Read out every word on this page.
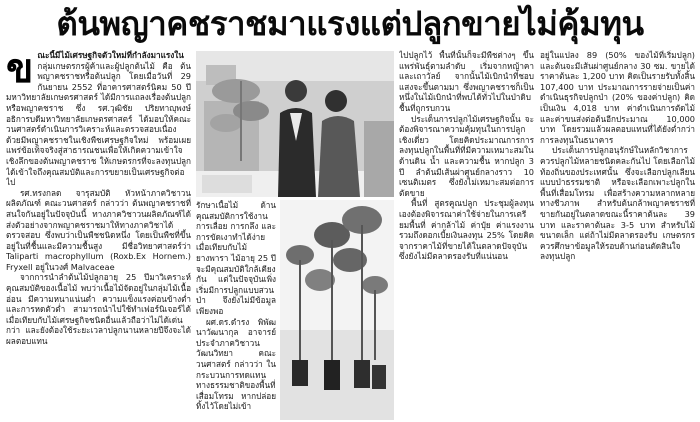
ต้นพญาคชราชมาแรงแต่ปลูกขายไม่คุ้มทุน
ข ณะนี้มีไม้เศรษฐกิจตัวใหม่ที่กำลังมาแรงใน กลุ่มเกษตรกรผู้ค้าและผู้ปลูกต้นไม้ คือ ต้นพญาคชราชหรือต้นปลูก โดยเมื่อวันที่ 29 กันยายน 2552 ที่อาคารศาสตร์นิคม 50 ปี มหาวิทยาลัยเกษตรศาสตร์ ได้มีการแถลงเรื่องต้นปลูกหรือพญาคชราช ซึ่ง รศ.วุฒิชัย ปริยทาญุพงษ์ อธิการบดีมหาวิทยาลัยเกษตรศาสตร์ ได้มอบให้คณะวนศาสตร์ดำเนินการวิเคราะห์และตรวจสอบเนื่องด้วยมีพญาคชราชในเชิงพืชเศรษฐกิจใหม่ พร้อมเผยแพร่ข้อเท็จจริงสู่สาธารณชนเพื่อให้เกิดความเข้าใจเชิงลึกของต้นพญาคชราช ให้เกษตรกรที่จะลงทุนปลูกได้เข้าใจถึงคุณสมบัติและการขยายเป็นเศรษฐกิจต่อไป
รศ.ทรงกลด จารุสมบัติ หัวหน้าภาควิชาวนผลิตภัณฑ์ คณะวนศาสตร์ กล่าวว่า ต้นพญาคชราชที่สนใจกันอยู่ในปัจจุบันนี้ ทางภาควิชาวนผลิตภัณฑ์ได้ส่งตัวอย่างจากพญาคชราชมาให้ทางภาควิชาได้ตรวจสอบ ซึ่งพบว่าเป็นพืชชนิดหนึ่ง โดยเป็นพืชที่ขึ้นอยู่ในที่ชื้นและมีความชื้นสูง มีชื่อวิทยาศาสตร์ว่า Taliparti macrophyllum (Roxb.Ex Hornem.) Fryxell อยู่ในวงศ์ Malvaceae
จากการนำลำต้นไม้ปลูกอายุ 25 ปีมาวิเคราะห์คุณสมบัติของเนื้อไม้ พบว่าเนื้อไม้จัดอยู่ในกลุ่มไม้เนื้ออ่อน มีความหนาแน่นต่ำ ความแข็งแรงค่อนข้างต่ำ และการหดตัวต่ำ สามารถนำไปใช้ทำเฟอร์นิเจอร์ได้ เมื่อเทียบกับไม้เศรษฐกิจชนิดอื่นแล้วถือว่าไม่ได้เด่นกว่า และยังต้องใช้ระยะเวลาปลูกนานหลายปีจึงจะได้ผลตอบแทน
รักษาเนื้อไม้ ด้านคุณสมบัติการใช้งาน การเลื่อย การกลึง และการขัดเงาทำได้ง่าย เมื่อเทียบกับไม้ยางพารา ไม้อายุ 25 ปีจะมีคุณสมบัติใกล้เคียงกัน แต่ในปัจจุบันเพิ่งเริ่มมีการปลูกแบบสวนป่า จึงยังไม่มีข้อมูลเพียงพอ
ผศ.ดร.ดำรง พิพัฒนาวัฒนากุล อาจารย์ประจำภาควิชาวนวัฒนวิทยา คณะวนศาสตร์ กล่าวว่า ในกระบวนการทดแทนทางธรรมชาติของพื้นที่เสื่อมโทรม หากปล่อยทิ้งไว้โดยไม่เข้า
ไปปลูกไว้ พื้นที่นั้นก็จะมีพืชต่างๆ ขึ้นแพร่พันธุ์ตามลำดับ เริ่มจากหญ้าคาและเถาวัลย์ จากนั้นไม้เบิกนำที่ชอบแสงจะขึ้นตามมา ซึ่งพญาคชราชก็เป็นหนึ่งในไม้เบิกนำที่พบได้ทั่วไปในป่าดิบชื้นที่ถูกรบกวน
ประเด็นการปลูกไม้เศรษฐกิจนั้น จะต้องพิจารณาความคุ้มทุนในการปลูกเชิงเดี่ยว โดยคิดประมาณการการลงทุนปลูกในพื้นที่ที่มีความเหมาะสมในด้านดิน น้ำ และความชื้น หากปลูก 3 ปี ลำต้นมีเส้นผ่าศูนย์กลางราว 10 เซนติเมตร ซึ่งยังไม่เหมาะสมต่อการตัดขาย
พื้นที่ สูตรคูณปลูก ประชุมผู้ลงทุนเองต้องพิจารณาค่าใช้จ่ายในการเตรียมพื้นที่ ค่ากล้าไม้ ค่าปุ๋ย ค่าแรงงาน รวมถึงดอกเบี้ยเงินลงทุน 25% โดยคิดจากราคาไม้ที่ขายได้ในตลาดปัจจุบัน ซึ่งยังไม่มีตลาดรองรับที่แน่นอน
อยู่ในแปลง 89 (50% ของไม้ที่เริ่มปลูก) และต้นจะมีเส้นผ่าศูนย์กลาง 30 ซม. ขายได้ราคาต้นละ 1,200 บาท คิดเป็นรายรับทั้งสิ้น 107,400 บาท ประมาณการรายจ่ายเป็นค่าดำเนินธุรกิจปลูกป่า (20% ของค่าปลูก) คิดเป็นเงิน 4,018 บาท ค่าดำเนินการตัดไม้และค่าขนส่งต่อต้นอีกประมาณ 10,000 บาท โดยรวมแล้วผลตอบแทนที่ได้ยังต่ำกว่าการลงทุนในธนาคาร
ประเด็นการปลูกอนุรักษ์ในหลักวิชาการควรปลูกไม้หลายชนิดคละกันไป โดยเลือกไม้ท้องถิ่นของประเทศนั้น ซึ่งจะเลือกปลูกเลียนแบบป่าธรรมชาติ หรือจะเลือกเพาะปลูกในพื้นที่เสื่อมโทรม เพื่อสร้างความหลากหลายทางชีวภาพ สำหรับต้นกล้าพญาคชราชที่ขายกันอยู่ในตลาดขณะนี้ราคาต้นละ 39 บาท และราคาต้นละ 3-5 บาท สำหรับไม้ขนาดเล็ก แต่ถ้าไม่มีตลาดรองรับ เกษตรกรควรศึกษาข้อมูลให้รอบด้านก่อนตัดสินใจลงทุนปลูก
